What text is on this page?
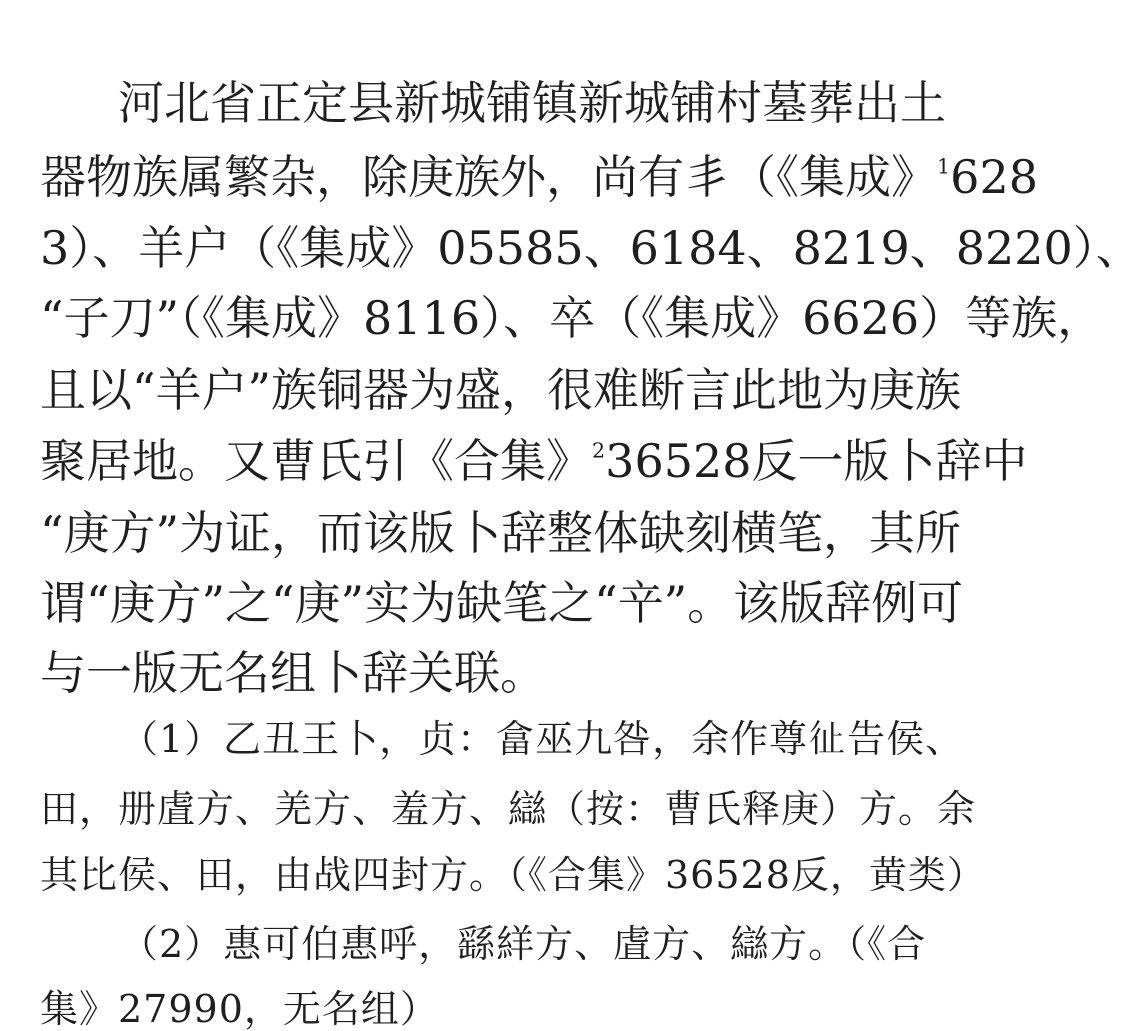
河北省正定县新城铺镇新城铺村墓葬出土
器物族属繁杂，除庚族外，尚有丯（《集成》$^1$628
3）、羊户（《集成》05585、6184、8219、8220）、
“子刀”（《集成》8116）、卒（《集成》6626）等族，
且以“羊户”族铜器为盛，很难断言此地为庚族
聚居地。又曹氏引《合集》$^2$36528反一版卜辞中
“庚方”为证，而该版卜辞整体缺刻横笔，其所
谓“庚方”之“庚”实为缺笔之“䇂”。该版辞例可
与一版无名组卜辞关联。
（1）乙丑王卜，贞：畣巫九咎，余作尊𢓊告侯、
田，册虘方、羌方、羞方、䜌（按：曹氏释庚）方。余
其比侯、田，由战四封方。（《合集》36528反，黄类）
（2）惠可伯惠呼，繇絴方、虘方、䜌方。（《合
集》27990，无名组）
